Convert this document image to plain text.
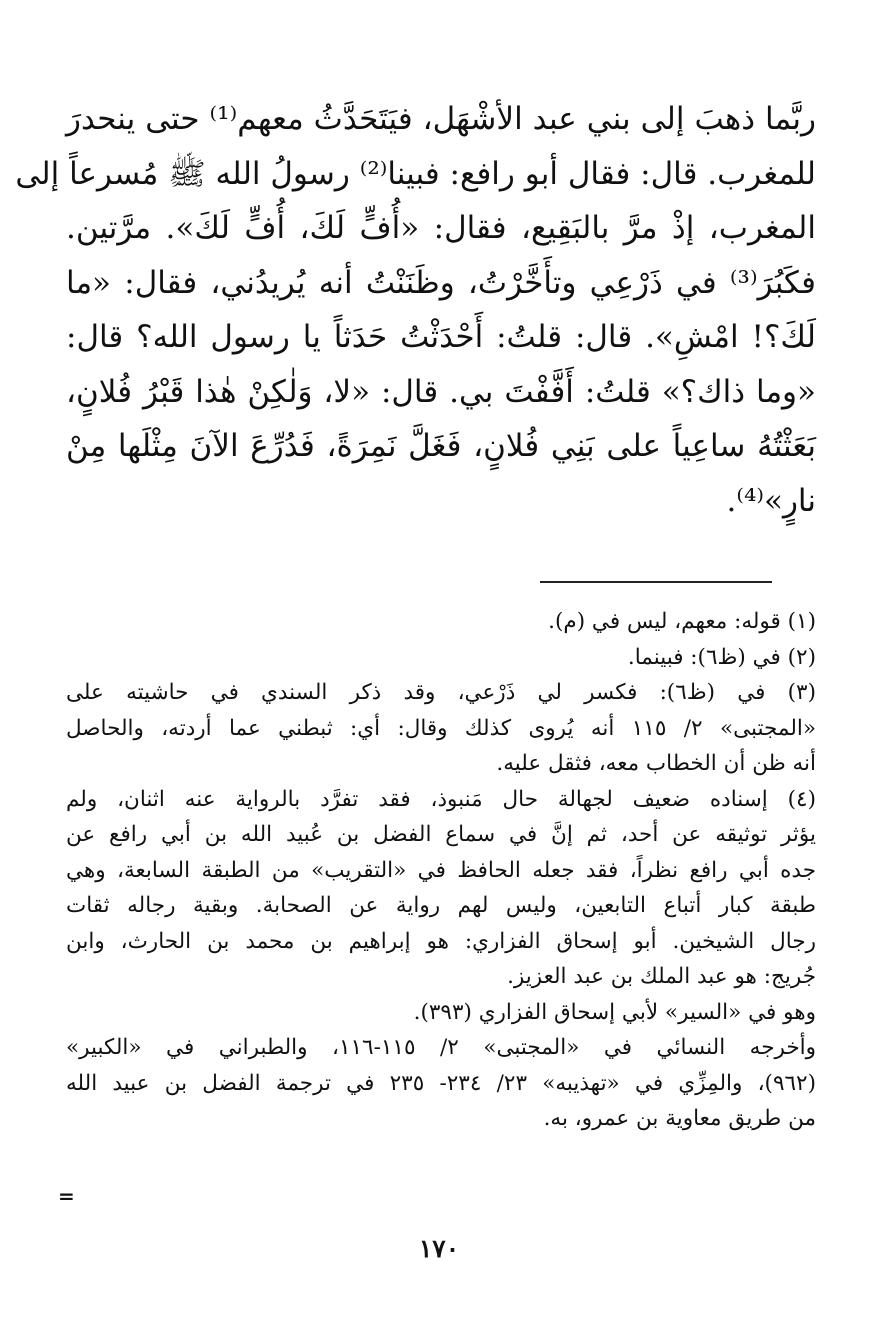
ربَّما ذهبَ إلى بني عبد الأشْهَل، فيَتَحَدَّثُ معهم⁽¹⁾ حتى ينحدرَ
للمغرب. قال: فقال أبو رافع: فبينا⁽²⁾ رسولُ الله ﷺ مُسرعاً إلى
المغرب، إذْ مرَّ بالبَقِيع، فقال: «أُفٍّ لَكَ، أُفٍّ لَكَ». مرَّتين.
فكَبُرَ⁽³⁾ في ذَرْعِي وتأَخَّرْتُ، وظَنَنْتُ أنه يُريدُني، فقال: «ما
لَكَ؟! امْشِ». قال: قلتُ: أَحْدَثْتُ حَدَثاً يا رسول الله؟ قال:
«وما ذاك؟» قلتُ: أَفَّفْتَ بي. قال: «لا، وَلٰكِنْ هٰذا قَبْرُ فُلانٍ،
بَعَثْتُهُ ساعِياً على بَنِي فُلانٍ، فَغَلَّ نَمِرَةً، فَدُرِّعَ الآنَ مِثْلَها مِنْ
نارٍ»⁽⁴⁾.
(١) قوله: معهم، ليس في (م).
(٢) في (ظ٦): فبينما.
(٣) في (ظ٦): فكسر لي ذَرْعي، وقد ذكر السندي في حاشيته على
«المجتبى» ٢/ ١١٥ أنه يُروى كذلك وقال: أي: ثبطني عما أردته، والحاصل
أنه ظن أن الخطاب معه، فثقل عليه.
(٤) إسناده ضعيف لجهالة حال مَنبوذ، فقد تفرَّد بالرواية عنه اثنان، ولم
يؤثر توثيقه عن أحد، ثم إنَّ في سماع الفضل بن عُبيد الله بن أبي رافع عن
جده أبي رافع نظراً، فقد جعله الحافظ في «التقريب» من الطبقة السابعة، وهي
طبقة كبار أتباع التابعين، وليس لهم رواية عن الصحابة. وبقية رجاله ثقات
رجال الشيخين. أبو إسحاق الفزاري: هو إبراهيم بن محمد بن الحارث، وابن
جُريج: هو عبد الملك بن عبد العزيز.
وهو في «السير» لأبي إسحاق الفزاري (٣٩٣).
وأخرجه النسائي في «المجتبى» ٢/ ١١٥-١١٦، والطبراني في «الكبير»
(٩٦٢)، والمِزِّي في «تهذيبه» ٢٣/ ٢٣٤- ٢٣٥ في ترجمة الفضل بن عبيد الله
من طريق معاوية بن عمرو، به.
=
١٧٠
